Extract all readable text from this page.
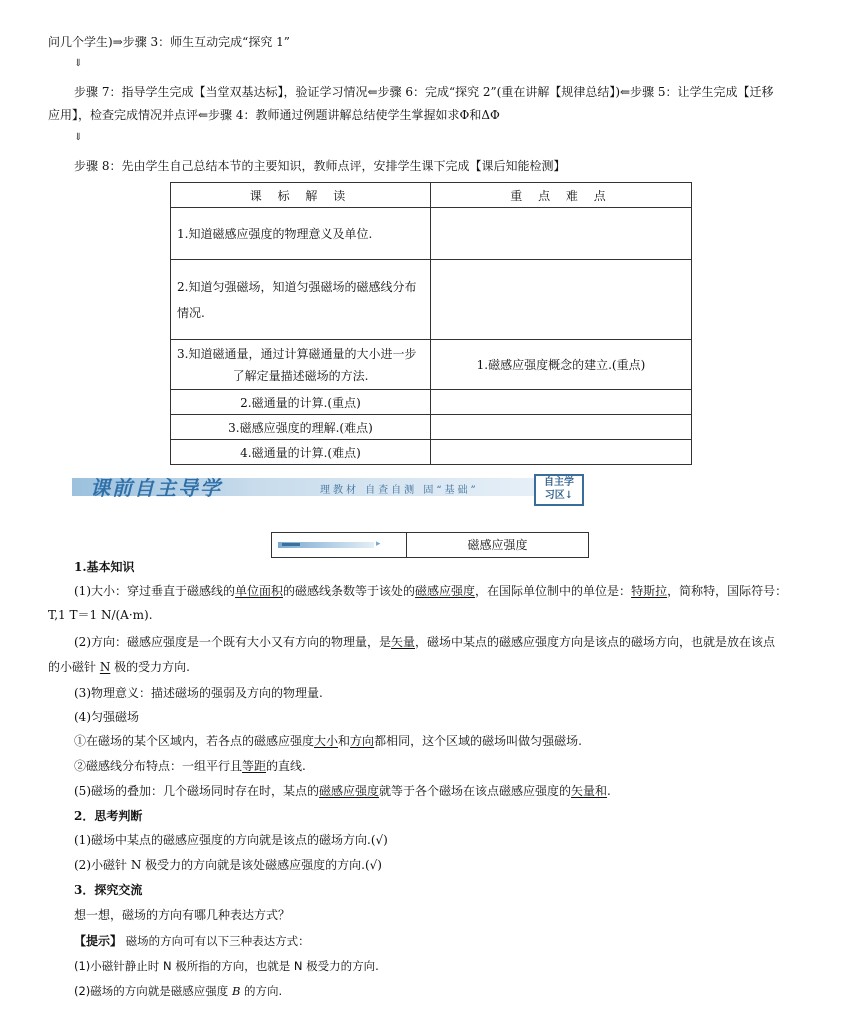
问几个学生)⇒步骤 3：师生互动完成“探究 1”
⇓
步骤 7：指导学生完成【当堂双基达标】，验证学习情况⇐步骤 6：完成“探究 2”(重在讲解【规律总结】)⇐步骤 5：让学生完成【迁移
应用】，检查完成情况并点评⇐步骤 4：教师通过例题讲解总结使学生掌握如求Φ和ΔΦ
⇓
步骤 8：先由学生自己总结本节的主要知识，教师点评，安排学生课下完成【课后知能检测】
课 标 解 读	重 点 难 点
1.知道磁感应强度的物理意义及单位.	

2.知道匀强磁场，知道匀强磁场的磁感线分布
情况.	

3.知道磁通量，通过计算磁通量的大小进一步
了解定量描述磁场的方法.	1.磁感应强度概念的建立.(重点)
2.磁通量的计算.(重点)	
3.磁感应强度的理解.(难点)	
4.磁通量的计算.(难点)	
课前自主导学	理教材 自查自测 固“基础”
自主学
习区↓
▸	磁感应强度
1.基本知识
(1)大小：穿过垂直于磁感线的单位面积的磁感线条数等于该处的磁感应强度，在国际单位制中的单位是：特斯拉，简称特，国际符号：
T,1 T＝1 N/(A·m).
(2)方向：磁感应强度是一个既有大小又有方向的物理量，是矢量，磁场中某点的磁感应强度方向是该点的磁场方向，也就是放在该点
的小磁针 N 极的受力方向.
(3)物理意义：描述磁场的强弱及方向的物理量.
(4)匀强磁场
①在磁场的某个区域内，若各点的磁感应强度大小和方向都相同，这个区域的磁场叫做匀强磁场.
②磁感线分布特点：一组平行且等距的直线.
(5)磁场的叠加：几个磁场同时存在时，某点的磁感应强度就等于各个磁场在该点磁感应强度的矢量和.
2．思考判断
(1)磁场中某点的磁感应强度的方向就是该点的磁场方向.(√)
(2)小磁针 N 极受力的方向就是该处磁感应强度的方向.(√)
3．探究交流
想一想，磁场的方向有哪几种表达方式？
【提示】 磁场的方向可有以下三种表达方式：
(1)小磁针静止时 N 极所指的方向，也就是 N 极受力的方向.
(2)磁场的方向就是磁感应强度 B 的方向.
